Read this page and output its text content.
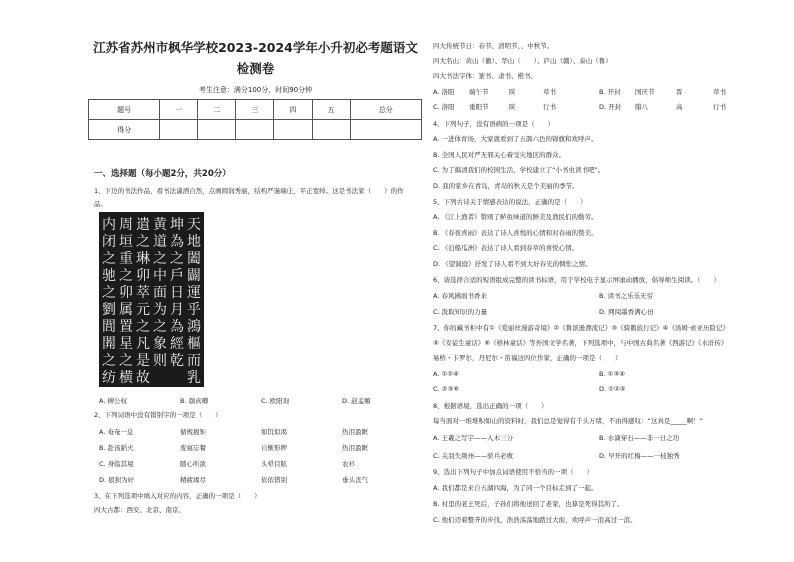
江苏省苏州市枫华学校2023-2024学年小升初必考题语文检测卷
考生注意：满分100分，时间90分钟
题号	一	二	三	四	五	总分
得分						
一、选择题（每小题2分，共20分）
1、下边的书法作品，看书法潇洒自然，点画圆润秀丽，结构严谨端庄，平正宽绰。这是书法家（　　）的作
品。
天地闔闢運乎鴻樞而乳
坤為之戶日月為經乾
黄道之中面为之象则
遣之琳卯萃元之凡是故
周垣重之卯属置星之横
内闭之驰之劉閭閞之纺
A. 柳公权	B. 颜真卿	C. 欧阳询	D. 赵孟頫
2、下列词语中没有错别字的一项是（　　）
A. 奄奄一息	循规揭矩	如饥似渴	热泪盈眶
B. 赴汤蹈火	废寝忘餐	自惭形秽	热泪盈眶
C. 身临其境	随心所欲	头晕目眩	农衫
D. 狼狈为奸	精疲竭尽	依依惜别	垂头丧气
3、在下列选项中填入对应的内容，正确的一项是（　　）
四大古都：西安、北京、南京、
四大传统节日：春节、清明节、、中秋节。
四大名山：黄山（徽）、华山（　　）、庐山（赣）、泰山（鲁）
四大书法字体：篆书、隶书、楷书、
A. 洛阳 端午节	陕	草书	B. 开封 国庆节	晋	草书
C. 洛阳 重阳节	陕	行书	D. 开封 腊八	高	行书
4、下列句子，没有语病的一项是（　　）
A. 一进体育场，大家就看到了五颜六色的锦旗和欢呼声。
B. 全国人民对严无邪关心着受灾地区的群众。
C. 为了搞清我们的校园生活，学校建立了“小书虫读书吧”。
D. 我的家乡在青岛，青岛的秋天是个美丽的季节。
5、下列古诗关于情感表达的说法，正确的是（　　）
A. 《江上渔者》赞颂了鲈鱼味道的鲜美及渔民们的勤劳。
B. 《春夜喜雨》表达了诗人喜悦的心情和对春雨的赞美。
C. 《泊船瓜洲》表达了诗人看到春草的喜悦心情。
D. 《望洞庭》抒发了诗人看不到大好春光的惆怅之情。
6、请选择合适的短语组成完整的读书标语，用于学校电子显示屏滚动播放，倡导师生阅读。（　　）
A. 春风拂面书香来	B. 读书之乐乐无穷
C. 汲取知识的力量	D. 网阅墨香满心田
7、你的藏书柜中有①《爱丽丝漫游奇境》②《鲁滨逊漂流记》③《骑鹅旅行记》④《汤姆·索亚历险记》
⑤《安徒生童话》⑥《格林童话》等外国文学名著，下列选项中，与中国古典名著《西游记》《水浒传》
易桥・卡罗尔，丹尼尔・笛福这四位作家，正确的一项是（　　）
A. ①②④	B. ①③④
C. ②③⑥	D. ①②⑤
8、根据语境，选出正确的一项（　　）
每当面对一堆堆积如山的资料时，我们总是觉得有千头万绪，不由得感叹：“这真是_____啊！”
A. 王羲之写字——入木三分	B. 水滴穿石——非一日之功
C. 关羽失荆州——骄兵必败	D. 早开的红梅——一枝独秀
9、选出下列句子中加点词语使用不恰当的一项（　　）
A. 我们都是来自五湖四海，为了同一个目标走到了一起。
B. 村里的老王死后，子孙们将他送回了老家，也算是死得其所了。
C. 他们迈着整齐的步伐，浩浩荡荡地踏过大街，欢呼声一浪高过一浪。
